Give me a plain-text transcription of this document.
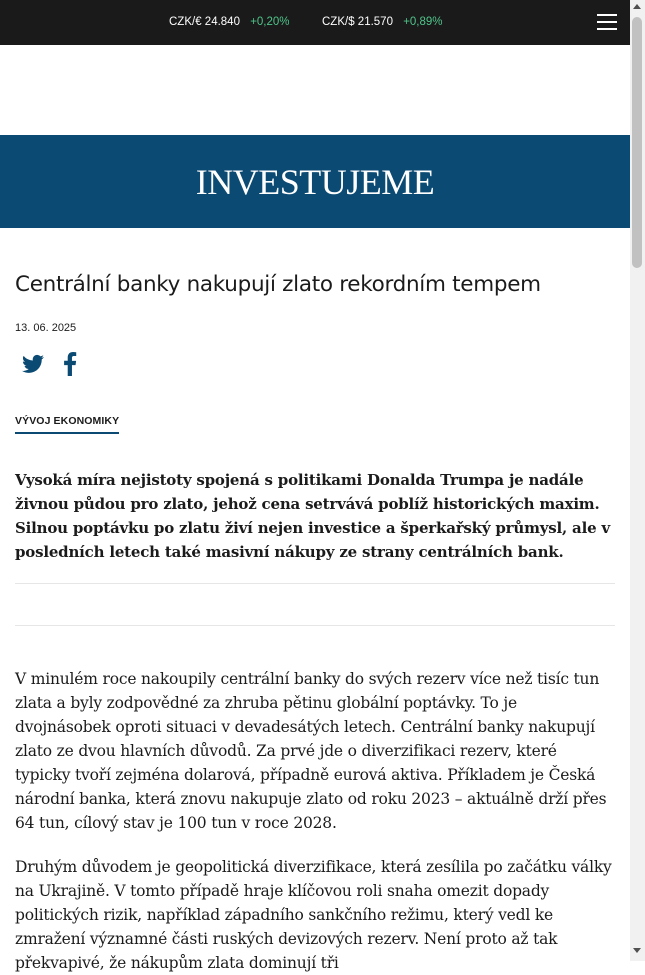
CZK/€ 24.840 +0,20%	CZK/$ 21.570 +0,89%
INVESTUJEME
Centrální banky nakupují zlato rekordním tempem
13. 06. 2025
VÝVOJ EKONOMIKY

Vysoká míra nejistoty spojená s politikami Donalda Trumpa je nadále živnou půdou pro zlato, jehož cena setrvává poblíž historických maxim. Silnou poptávku po zlatu živí nejen investice a šperkařský průmysl, ale v posledních letech také masivní nákupy ze strany centrálních bank.

V minulém roce nakoupily centrální banky do svých rezerv více než tisíc tun zlata a byly zodpovědné za zhruba pětinu globální poptávky. To je dvojnásobek oproti situaci v devadesátých letech. Centrální banky nakupují zlato ze dvou hlavních důvodů. Za prvé jde o diverzifikaci rezerv, které typicky tvoří zejména dolarová, případně eurová aktiva. Příkladem je Česká národní banka, která znovu nakupuje zlato od roku 2023 – aktuálně drží přes 64 tun, cílový stav je 100 tun v roce 2028.

Druhým důvodem je geopolitická diverzifikace, která zesílila po začátku války na Ukrajině. V tomto případě hraje klíčovou roli snaha omezit dopady politických rizik, například západního sankčního režimu, který vedl ke zmražení významné části ruských devizových rezerv. Není proto až tak překvapivé, že nákupům zlata dominují tři
